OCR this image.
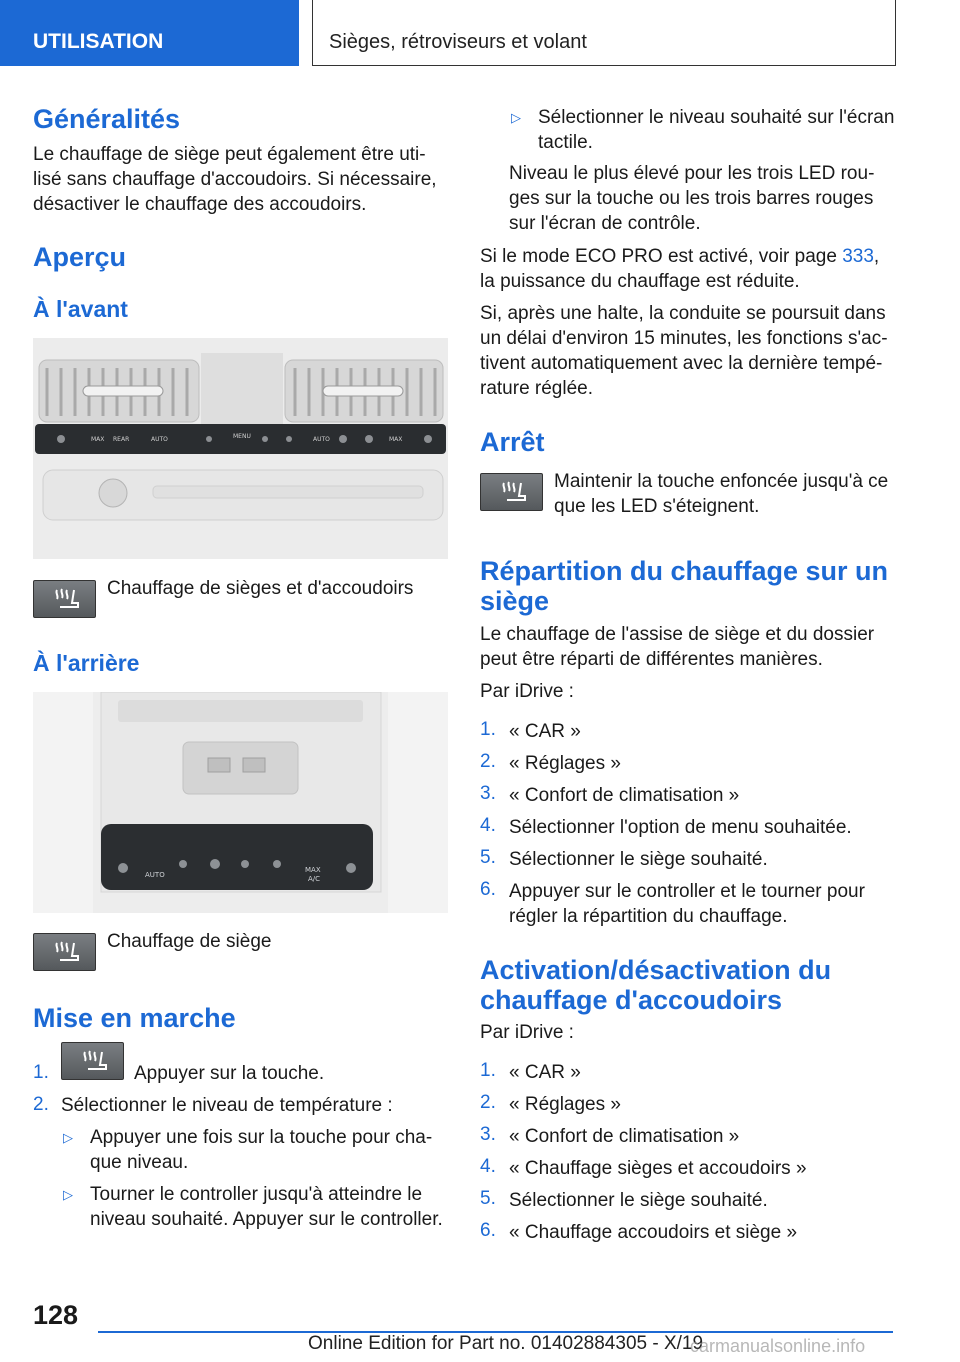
UTILISATION	Sièges, rétroviseurs et volant
Généralités
Le chauffage de siège peut également être uti-
lisé sans chauffage d'accoudoirs. Si nécessaire,
désactiver le chauffage des accoudoirs.
Aperçu
À l'avant
MAX REAR	AUTO	MENU	AUTO	MAX
Chauffage de sièges et d'accoudoirs
À l'arrière
AUTO
MAX
A/C
Chauffage de siège
Mise en marche
1.	Appuyer sur la touche.
2. Sélectionner le niveau de température :
▷ Appuyer une fois sur la touche pour cha-
que niveau.
▷ Tourner le controller jusqu'à atteindre le
niveau souhaité. Appuyer sur le controller.
▷ Sélectionner le niveau souhaité sur l'écran
tactile.
Niveau le plus élevé pour les trois LED rou-
ges sur la touche ou les trois barres rouges
sur l'écran de contrôle.
Si le mode ECO PRO est activé, voir page 333,
la puissance du chauffage est réduite.
Si, après une halte, la conduite se poursuit dans
un délai d'environ 15 minutes, les fonctions s'ac-
tivent automatiquement avec la dernière tempé-
rature réglée.
Arrêt
Maintenir la touche enfoncée jusqu'à ce
que les LED s'éteignent.
Répartition du chauffage sur un
siège
Le chauffage de l'assise de siège et du dossier
peut être réparti de différentes manières.
Par iDrive :
1. « CAR »
2. « Réglages »
3. « Confort de climatisation »
4. Sélectionner l'option de menu souhaitée.
5. Sélectionner le siège souhaité.
6. Appuyer sur le controller et le tourner pour
régler la répartition du chauffage.
Activation/désactivation du
chauffage d'accoudoirs
Par iDrive :
1. « CAR »
2. « Réglages »
3. « Confort de climatisation »
4. « Chauffage sièges et accoudoirs »
5. Sélectionner le siège souhaité.
6. « Chauffage accoudoirs et siège »
128
Online Edition for Part no. 01402884305 - X/19
carmanualsonline.info
